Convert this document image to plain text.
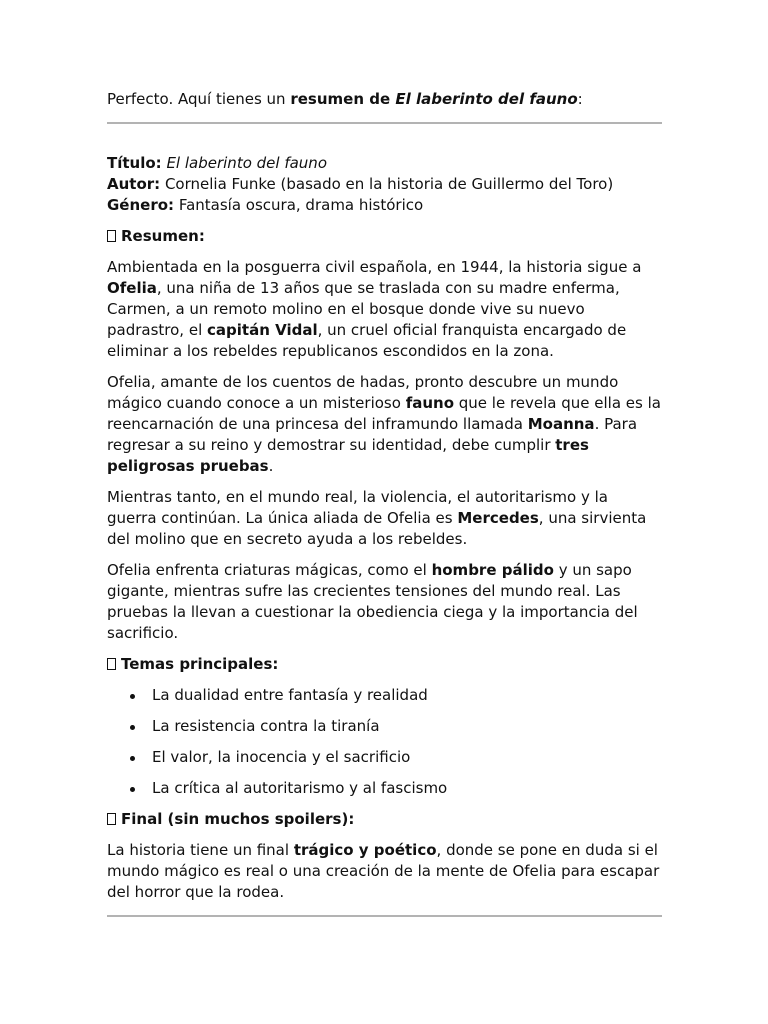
Perfecto. Aquí tienes un resumen de El laberinto del fauno:

Título: El laberinto del fauno

Autor: Cornelia Funke (basado en la historia de Guillermo del Toro)

Género: Fantasía oscura, drama histórico

Resumen:

Ambientada en la posguerra civil española, en 1944, la historia sigue a Ofelia, una niña de 13 años que se traslada con su madre enferma, Carmen, a un remoto molino en el bosque donde vive su nuevo padrastro, el capitán Vidal, un cruel oficial franquista encargado de eliminar a los rebeldes republicanos escondidos en la zona.

Ofelia, amante de los cuentos de hadas, pronto descubre un mundo mágico cuando conoce a un misterioso fauno que le revela que ella es la reencarnación de una princesa del inframundo llamada Moanna. Para regresar a su reino y demostrar su identidad, debe cumplir tres peligrosas pruebas.

Mientras tanto, en el mundo real, la violencia, el autoritarismo y la guerra continúan. La única aliada de Ofelia es Mercedes, una sirvienta del molino que en secreto ayuda a los rebeldes.

Ofelia enfrenta criaturas mágicas, como el hombre pálido y un sapo gigante, mientras sufre las crecientes tensiones del mundo real. Las pruebas la llevan a cuestionar la obediencia ciega y la importancia del sacrificio.

Temas principales:

La dualidad entre fantasía y realidad
La resistencia contra la tiranía
El valor, la inocencia y el sacrificio
La crítica al autoritarismo y al fascismo

Final (sin muchos spoilers):

La historia tiene un final trágico y poético, donde se pone en duda si el mundo mágico es real o una creación de la mente de Ofelia para escapar del horror que la rodea.
